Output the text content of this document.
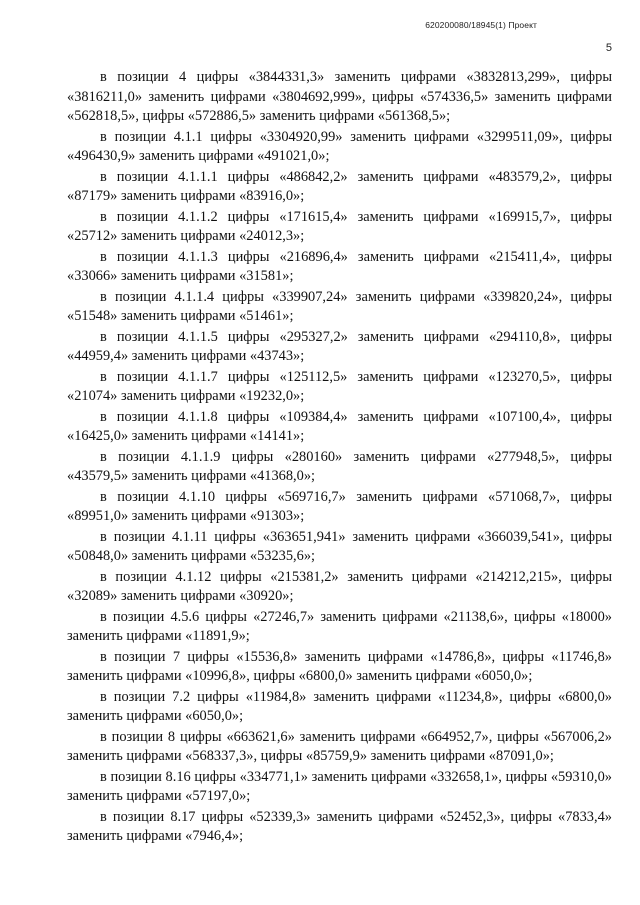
620200080/18945(1) Проект
5

в позиции 4 цифры «3844331,3» заменить цифрами «3832813,299», цифры «3816211,0» заменить цифрами «3804692,999», цифры «574336,5» заменить цифрами «562818,5», цифры «572886,5» заменить цифрами «561368,5»;

в позиции 4.1.1 цифры «3304920,99» заменить цифрами «3299511,09», цифры «496430,9» заменить цифрами «491021,0»;

в позиции 4.1.1.1 цифры «486842,2» заменить цифрами «483579,2», цифры «87179» заменить цифрами «83916,0»;

в позиции 4.1.1.2 цифры «171615,4» заменить цифрами «169915,7», цифры «25712» заменить цифрами «24012,3»;

в позиции 4.1.1.3 цифры «216896,4» заменить цифрами «215411,4», цифры «33066» заменить цифрами «31581»;

в позиции 4.1.1.4 цифры «339907,24» заменить цифрами «339820,24», цифры «51548» заменить цифрами «51461»;

в позиции 4.1.1.5 цифры «295327,2» заменить цифрами «294110,8», цифры «44959,4» заменить цифрами «43743»;

в позиции 4.1.1.7 цифры «125112,5» заменить цифрами «123270,5», цифры «21074» заменить цифрами «19232,0»;

в позиции 4.1.1.8 цифры «109384,4» заменить цифрами «107100,4», цифры «16425,0» заменить цифрами «14141»;

в позиции 4.1.1.9 цифры «280160» заменить цифрами «277948,5», цифры «43579,5» заменить цифрами «41368,0»;

в позиции 4.1.10 цифры «569716,7» заменить цифрами «571068,7», цифры «89951,0» заменить цифрами «91303»;

в позиции 4.1.11 цифры «363651,941» заменить цифрами «366039,541», цифры «50848,0» заменить цифрами «53235,6»;

в позиции 4.1.12 цифры «215381,2» заменить цифрами «214212,215», цифры «32089» заменить цифрами «30920»;

в позиции 4.5.6 цифры «27246,7» заменить цифрами «21138,6», цифры «18000» заменить цифрами «11891,9»;

в позиции 7 цифры «15536,8» заменить цифрами «14786,8», цифры «11746,8» заменить цифрами «10996,8», цифры «6800,0» заменить цифрами «6050,0»;

в позиции 7.2 цифры «11984,8» заменить цифрами «11234,8», цифры «6800,0» заменить цифрами «6050,0»;

в позиции 8 цифры «663621,6» заменить цифрами «664952,7», цифры «567006,2» заменить цифрами «568337,3», цифры «85759,9» заменить цифрами «87091,0»;

в позиции 8.16 цифры «334771,1» заменить цифрами «332658,1», цифры «59310,0» заменить цифрами «57197,0»;

в позиции 8.17 цифры «52339,3» заменить цифрами «52452,3», цифры «7833,4» заменить цифрами «7946,4»;
